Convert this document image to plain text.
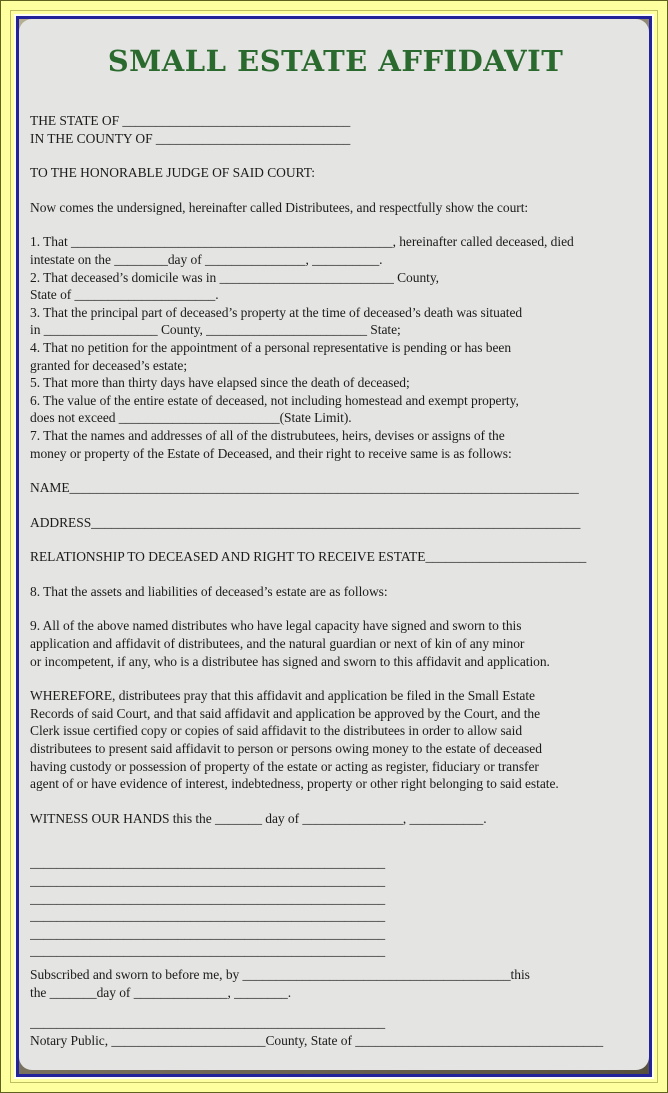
SMALL ESTATE AFFIDAVIT
THE STATE OF __________________________________
IN THE COUNTY OF _____________________________
TO THE HONORABLE JUDGE OF SAID COURT:
Now comes the undersigned, hereinafter called Distributees, and respectfully show the court:
1. That ________________________________________________, hereinafter called deceased, died
intestate on the ________day of _______________, __________.
2. That deceased’s domicile was in __________________________ County,
State of _____________________.
3. That the principal part of deceased’s property at the time of deceased’s death was situated
in _________________ County, ________________________ State;
4. That no petition for the appointment of a personal representative is pending or has been
granted for deceased’s estate;
5. That more than thirty days have elapsed since the death of deceased;
6. The value of the entire estate of deceased, not including homestead and exempt property,
does not exceed ________________________(State Limit).
7. That the names and addresses of all of the distrubutees, heirs, devises or assigns of the
money or property of the Estate of Deceased, and their right to receive same is as follows:
NAME____________________________________________________________________________
ADDRESS_________________________________________________________________________
RELATIONSHIP TO DECEASED AND RIGHT TO RECEIVE ESTATE________________________
8. That the assets and liabilities of deceased’s estate are as follows:
9. All of the above named distributes who have legal capacity have signed and sworn to this
application and affidavit of distributees, and the natural guardian or next of kin of any minor
or incompetent, if any, who is a distributee has signed and sworn to this affidavit and application.
WHEREFORE, distributees pray that this affidavit and application be filed in the Small Estate
Records of said Court, and that said affidavit and application be approved by the Court, and the
Clerk issue certified copy or copies of said affidavit to the distributees in order to allow said
distributees to present said affidavit to person or persons owing money to the estate of deceased
having custody or possession of property of the estate or acting as register, fiduciary or transfer
agent of or have evidence of interest, indebtedness, property or other right belonging to said estate.
WITNESS OUR HANDS this the _______ day of _______________, ___________.
_____________________________________________________
_____________________________________________________
_____________________________________________________
_____________________________________________________
_____________________________________________________
_____________________________________________________
Subscribed and sworn to before me, by ________________________________________this
the _______day of ______________, ________.
_____________________________________________________
Notary Public, _______________________County, State of _____________________________________
